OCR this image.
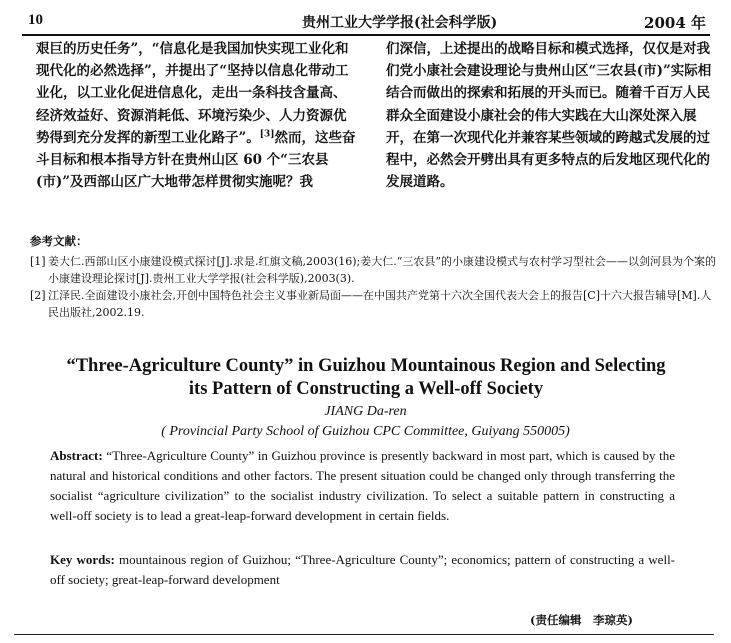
10	贵州工业大学学报(社会科学版)	2004 年

艰巨的历史任务”，“信息化是我国加快实现工业化和现代化的必然选择”，并提出了“坚持以信息化带动工业化，以工业化促进信息化，走出一条科技含量高、经济效益好、资源消耗低、环境污染少、人力资源优势得到充分发挥的新型工业化路子”。[3]然而，这些奋斗目标和根本指导方针在贵州山区 60 个“三农县(市)”及西部山区广大地带怎样贯彻实施呢？我

们深信，上述提出的战略目标和模式选择，仅仅是对我们党小康社会建设理论与贵州山区“三农县(市)”实际相结合而做出的探索和拓展的开头而已。随着千百万人民群众全面建设小康社会的伟大实践在大山深处深入展开，在第一次现代化并兼容某些领域的跨越式发展的过程中，必然会开劈出具有更多特点的后发地区现代化的发展道路。

参考文献：
[1] 姜大仁.西部山区小康建设模式探讨[J].求是.红旗文稿,2003(16);姜大仁.“三农县”的小康建设模式与农村学习型社会——以剑河县为个案的小康建设理论探讨[J].贵州工业大学学报(社会科学版),2003(3).
[2] 江泽民.全面建设小康社会,开创中国特色社会主义事业新局面——在中国共产党第十六次全国代表大会上的报告[C]十六大报告辅导[M].人民出版社,2002.19.
“Three-Agriculture County” in Guizhou Mountainous Region and Selecting
its Pattern of Constructing a Well-off Society
JIANG Da-ren
( Provincial Party School of Guizhou CPC Committee, Guiyang 550005)
Abstract: “Three-Agriculture County” in Guizhou province is presently backward in most part, which is caused by the natural and historical conditions and other factors. The present situation could be changed only through transferring the socialist “agriculture civilization” to the socialist industry civilization. To select a suitable pattern in constructing a well-off society is to lead a great-leap-forward development in certain fields.
Key words: mountainous region of Guizhou; “Three-Agriculture County”; economics; pattern of constructing a well-off society; great-leap-forward development
(责任编辑　李琼英)
